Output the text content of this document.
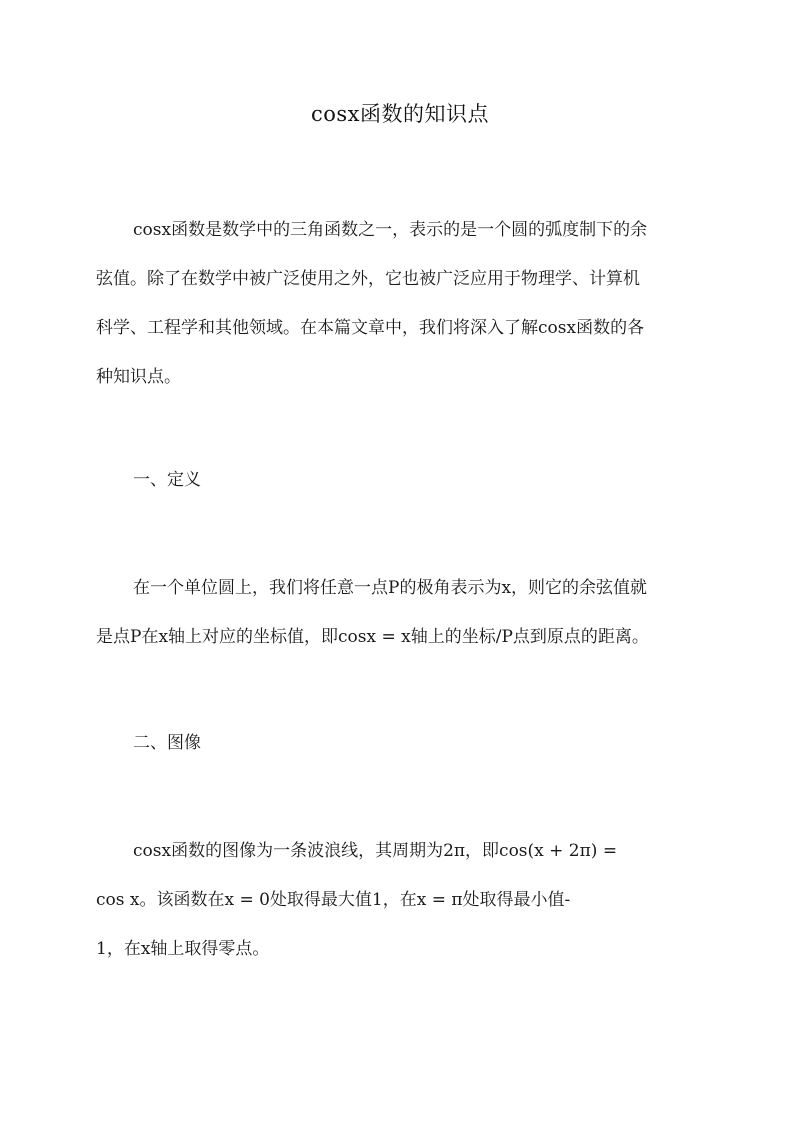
cosx函数的知识点
cosx函数是数学中的三角函数之一，表示的是一个圆的弧度制下的余
弦值。除了在数学中被广泛使用之外，它也被广泛应用于物理学、计算机
科学、工程学和其他领域。在本篇文章中，我们将深入了解cosx函数的各
种知识点。
一、定义
在一个单位圆上，我们将任意一点P的极角表示为x，则它的余弦值就
是点P在x轴上对应的坐标值，即cosx = x轴上的坐标/P点到原点的距离。
二、图像
cosx函数的图像为一条波浪线，其周期为2π，即cos(x + 2π) =
cos x。该函数在x = 0处取得最大值1，在x = π处取得最小值-
1，在x轴上取得零点。
